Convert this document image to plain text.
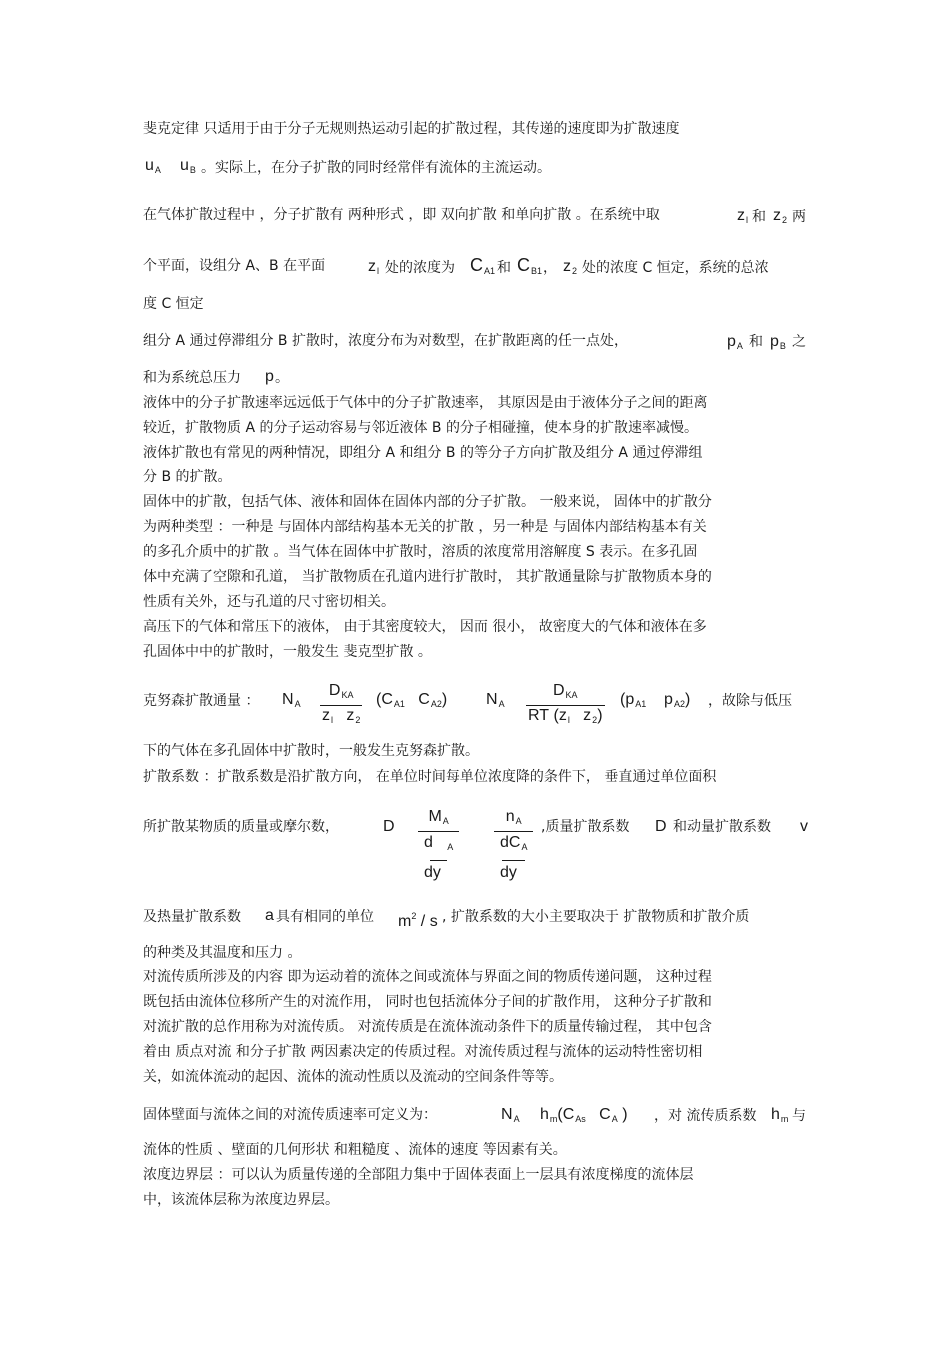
斐克定律 只适用于由于分子无规则热运动引起的扩散过程，其传递的速度即为扩散速度
$u_A$ $u_B$ 。实际上，在分子扩散的同时经常伴有流体的主流运动。
在气体扩散过程中 ，分子扩散有 两种形式 ，即 双向扩散 和单向扩散 。在系统中取	$z_l$ 和 $z_2$ 两
个平面，设组分 A、B 在平面	$z_l$ 处的浓度为 $C_{A1}$ 和 $C_{B1}$ ， $z_2$ 处的浓度 C 恒定，系统的总浓
度 C 恒定
组分 A 通过停滞组分 B 扩散时，浓度分布为对数型，在扩散距离的任一点处，	$p_A$ 和 $p_B$ 之
和为系统总压力 p 。
液体中的分子扩散速率远远低于气体中的分子扩散速率， 其原因是由于液体分子之间的距离
较近，扩散物质 A 的分子运动容易与邻近液体 B 的分子相碰撞，使本身的扩散速率减慢。
液体扩散也有常见的两种情况，即组分 A 和组分 B 的等分子方向扩散及组分 A 通过停滞组
分 B 的扩散。
固体中的扩散，包括气体、液体和固体在固体内部的分子扩散。 一般来说， 固体中的扩散分
为两种类型 ：一种是 与固体内部结构基本无关的扩散 ，另一种是 与固体内部结构基本有关
的多孔介质中的扩散 。当气体在固体中扩散时，溶质的浓度常用溶解度 S 表示。在多孔固
体中充满了空隙和孔道， 当扩散物质在孔道内进行扩散时， 其扩散通量除与扩散物质本身的
性质有关外，还与孔道的尺寸密切相关。
高压下的气体和常压下的液体， 由于其密度较大， 因而 很小， 故密度大的气体和液体在多
孔固体中中的扩散时，一般发生 斐克型扩散 。
克努森扩散通量 ： $N_A$
$D_{KA}$
$z_l$ $z_2$
($C_{A1}$ $C_{A2}$) $N_A$
$D_{KA}$
RT ($z_l$ $z_2$)
($p_{A1}$ $p_{A2}$) ，故除与低压
下的气体在多孔固体中扩散时，一般发生克努森扩散。
扩散系数 ：扩散系数是沿扩散方向， 在单位时间每单位浓度降的条件下， 垂直通过单位面积
所扩散某物质的质量或摩尔数，	D
$M_A$
d $_A$
dy
$n_A$
$dC_A$
dy
,质量扩散系数 D 和动量扩散系数 v
及热量扩散系数 a 具有相同的单位 $m^2$ / s , 扩散系数的大小主要取决于 扩散物质和扩散介质
的种类及其温度和压力 。
对流传质所涉及的内容 即为运动着的流体之间或流体与界面之间的物质传递问题， 这种过程
既包括由流体位移所产生的对流作用， 同时也包括流体分子间的扩散作用， 这种分子扩散和
对流扩散的总作用称为对流传质。 对流传质是在流体流动条件下的质量传输过程， 其中包含
着由 质点对流 和分子扩散 两因素决定的传质过程。对流传质过程与流体的运动特性密切相
关，如流体流动的起因、流体的流动性质以及流动的空间条件等等。
固体壁面与流体之间的对流传质速率可定义为：	$N_A$ $h_m(C_{As}$ $C_A$ ) ，对 流传质系数 $h_m$ 与
流体的性质 、壁面的几何形状 和粗糙度 、流体的速度 等因素有关。
浓度边界层 ：可以认为质量传递的全部阻力集中于固体表面上一层具有浓度梯度的流体层
中，该流体层称为浓度边界层。
